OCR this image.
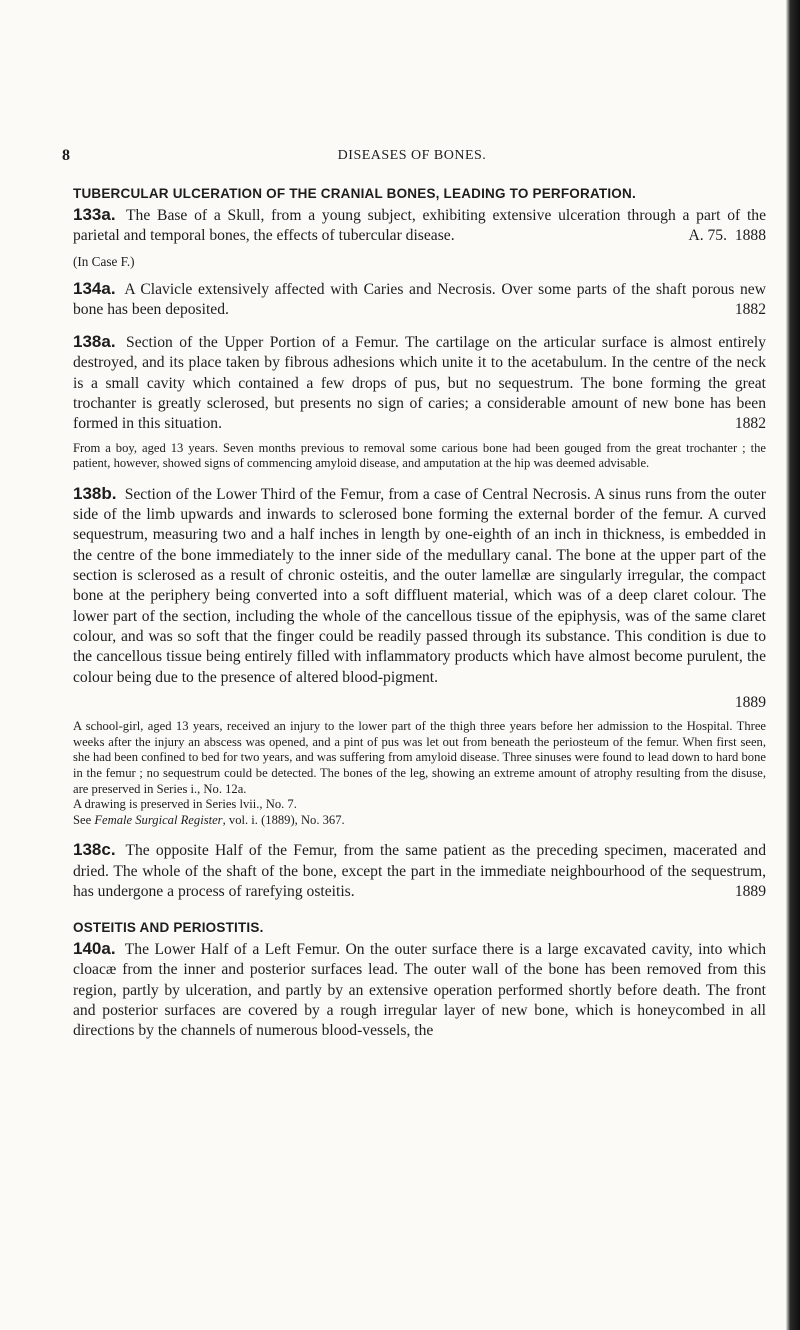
8	DISEASES OF BONES.

TUBERCULAR ULCERATION OF THE CRANIAL BONES, LEADING TO PERFORATION.

133a. The Base of a Skull, from a young subject, exhibiting extensive ulceration through a part of the parietal and temporal bones, the effects of tubercular disease.	A. 75. 1888

(In Case F.)

134a. A Clavicle extensively affected with Caries and Necrosis. Over some parts of the shaft porous new bone has been deposited.	1882
138a. Section of the Upper Portion of a Femur. The cartilage on the articular surface is almost entirely destroyed, and its place taken by fibrous adhesions which unite it to the acetabulum. In the centre of the neck is a small cavity which contained a few drops of pus, but no sequestrum. The bone forming the great trochanter is greatly sclerosed, but presents no sign of caries; a considerable amount of new bone has been formed in this situation.	1882

From a boy, aged 13 years. Seven months previous to removal some carious bone had been gouged from the great trochanter ; the patient, however, showed signs of commencing amyloid disease, and amputation at the hip was deemed advisable.

138b. Section of the Lower Third of the Femur, from a case of Central Necrosis. A sinus runs from the outer side of the limb upwards and inwards to sclerosed bone forming the external border of the femur. A curved sequestrum, measuring two and a half inches in length by one-eighth of an inch in thickness, is embedded in the centre of the bone immediately to the inner side of the medullary canal. The bone at the upper part of the section is sclerosed as a result of chronic osteitis, and the outer lamellæ are singularly irregular, the compact bone at the periphery being converted into a soft diffluent material, which was of a deep claret colour. The lower part of the section, including the whole of the cancellous tissue of the epiphysis, was of the same claret colour, and was so soft that the finger could be readily passed through its substance. This condition is due to the cancellous tissue being entirely filled with inflammatory products which have almost become purulent, the colour being due to the presence of altered blood-pigment.
1889

A school-girl, aged 13 years, received an injury to the lower part of the thigh three years before her admission to the Hospital. Three weeks after the injury an abscess was opened, and a pint of pus was let out from beneath the periosteum of the femur. When first seen, she had been confined to bed for two years, and was suffering from amyloid disease. Three sinuses were found to lead down to hard bone in the femur ; no sequestrum could be detected. The bones of the leg, showing an extreme amount of atrophy resulting from the disuse, are preserved in Series i., No. 12a.

A drawing is preserved in Series lvii., No. 7.

See Female Surgical Register, vol. i. (1889), No. 367.

138c. The opposite Half of the Femur, from the same patient as the preceding specimen, macerated and dried. The whole of the shaft of the bone, except the part in the immediate neighbourhood of the sequestrum, has undergone a process of rarefying osteitis.	1889

OSTEITIS AND PERIOSTITIS.

140a. The Lower Half of a Left Femur. On the outer surface there is a large excavated cavity, into which cloacæ from the inner and posterior surfaces lead. The outer wall of the bone has been removed from this region, partly by ulceration, and partly by an extensive operation performed shortly before death. The front and posterior surfaces are covered by a rough irregular layer of new bone, which is honeycombed in all directions by the channels of numerous blood-vessels, the
